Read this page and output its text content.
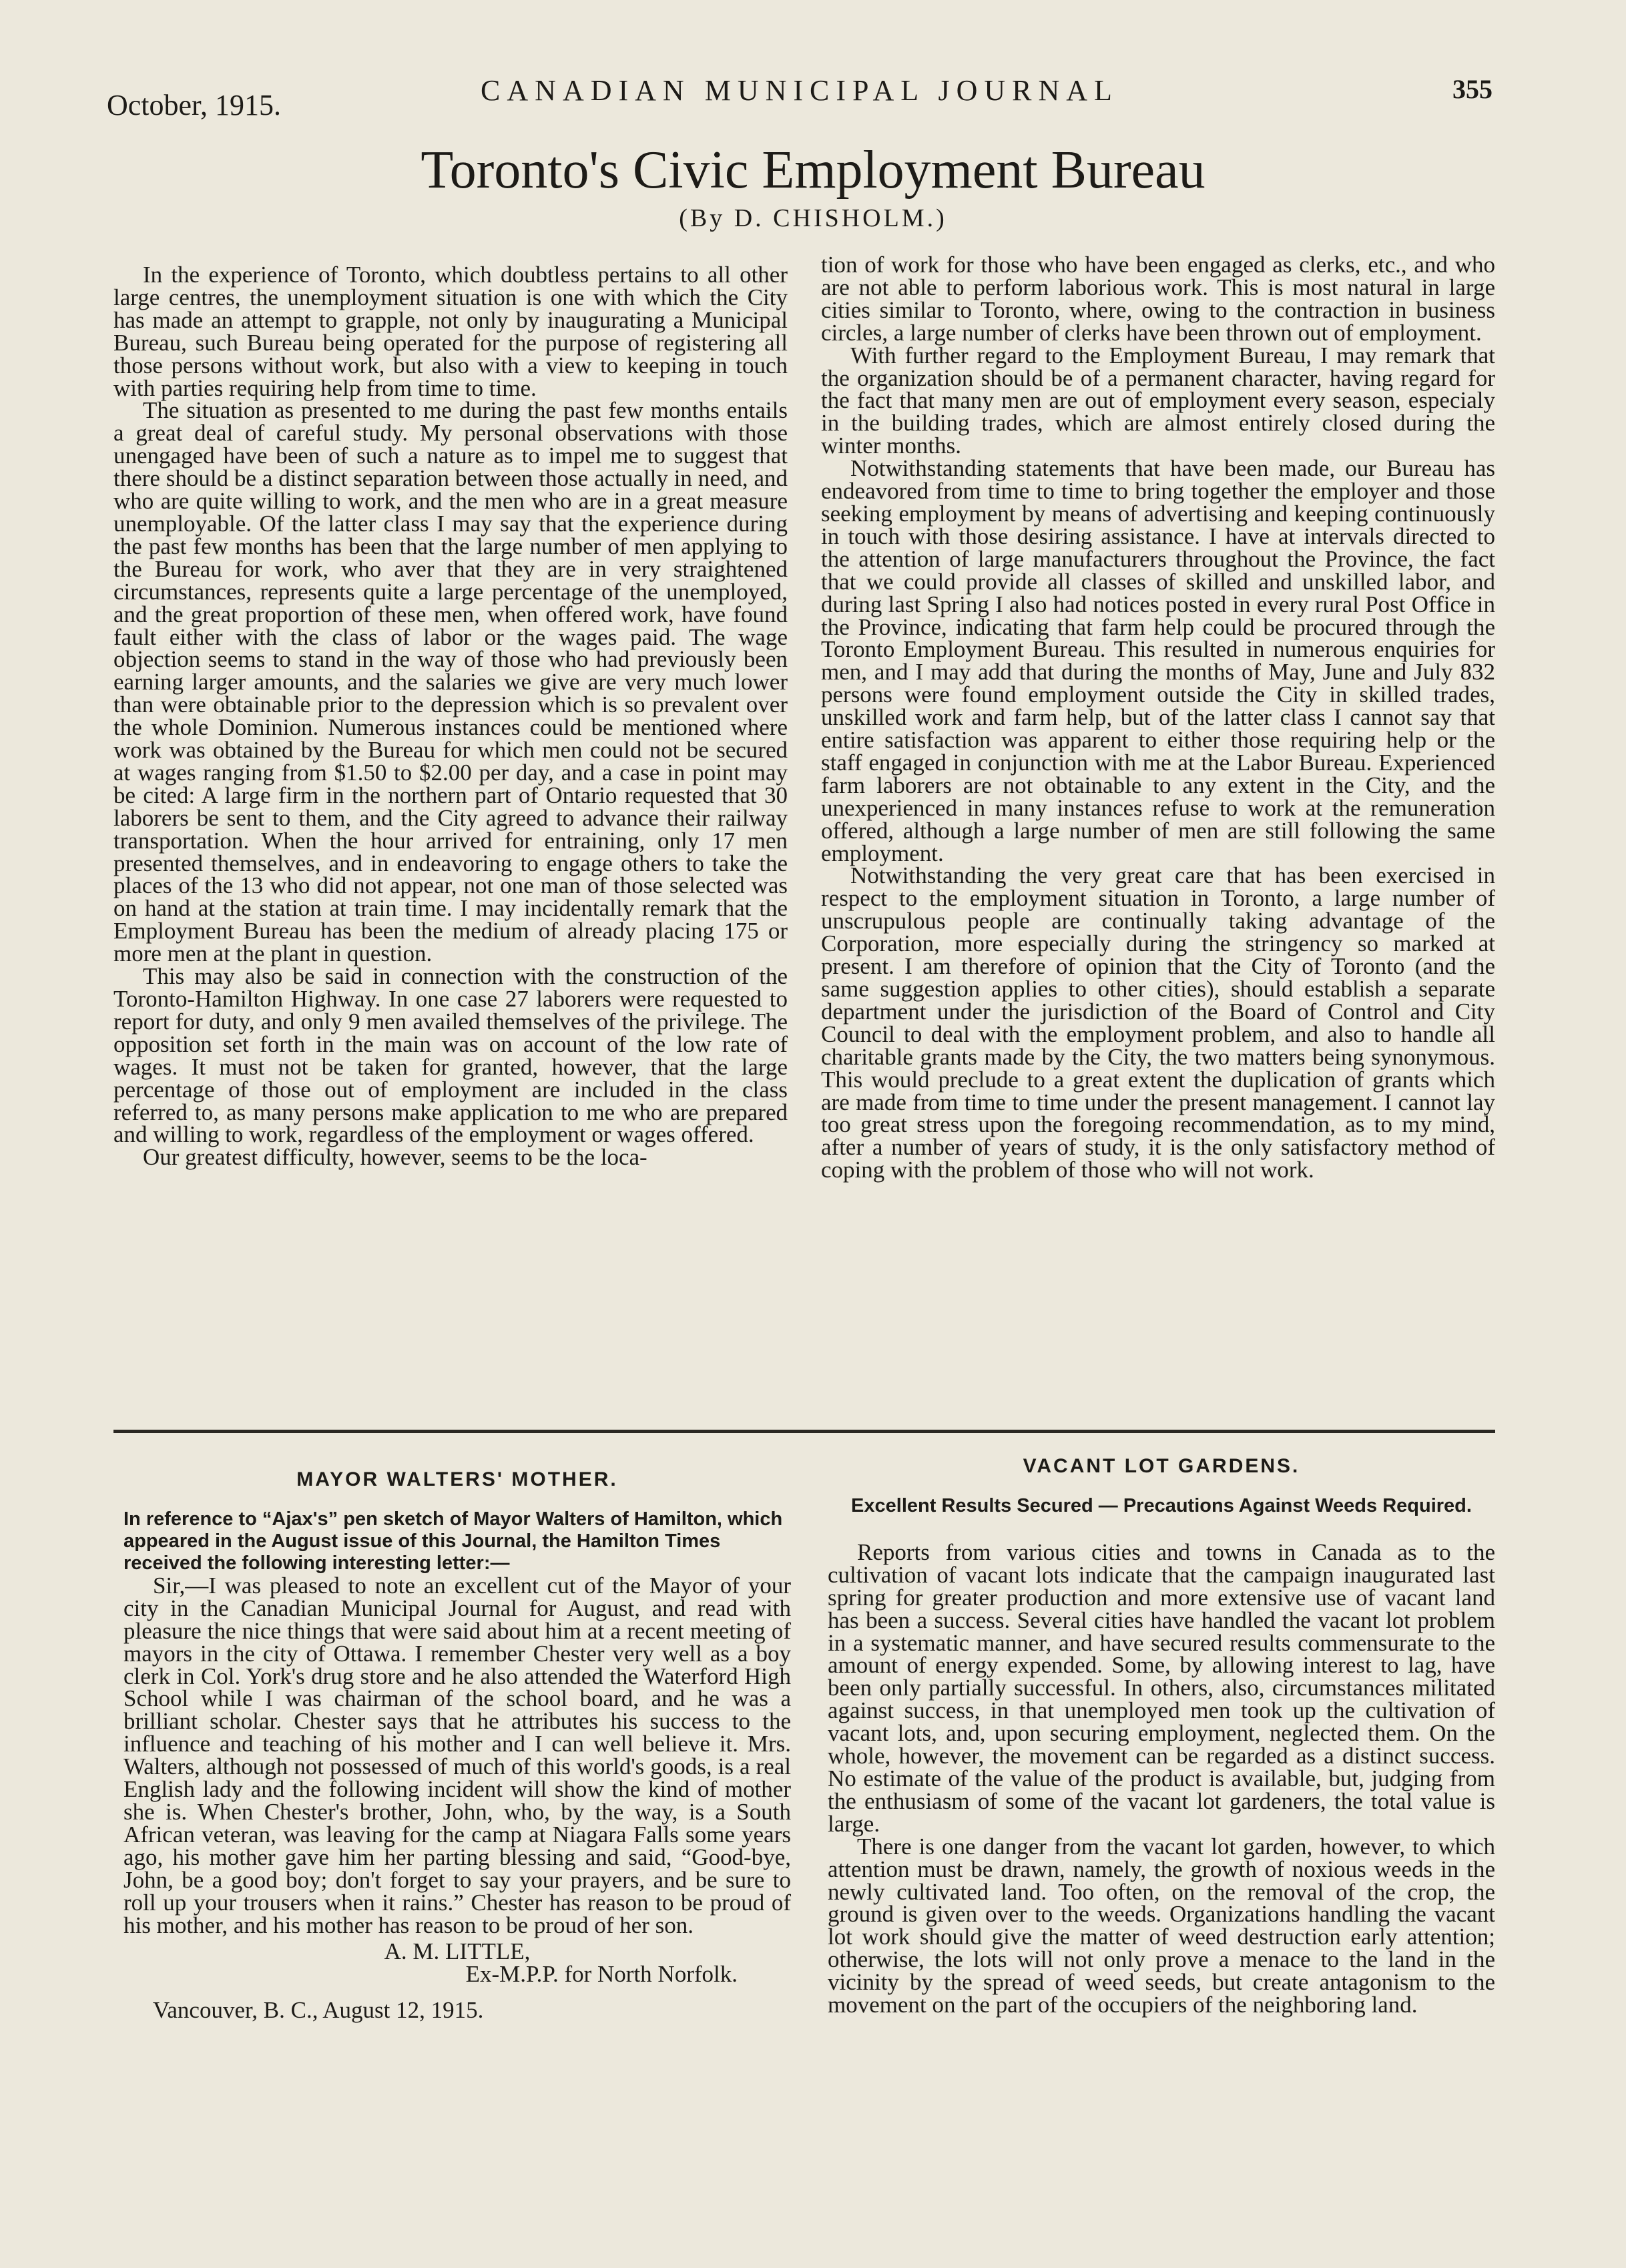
October, 1915.	CANADIAN MUNICIPAL JOURNAL	355
Toronto's Civic Employment Bureau
(By D. CHISHOLM.)

In the experience of Toronto, which doubtless pertains to all other large centres, the unemployment situation is one with which the City has made an attempt to grapple, not only by inaugurating a Municipal Bureau, such Bureau being operated for the purpose of registering all those persons without work, but also with a view to keeping in touch with parties requiring help from time to time.

The situation as presented to me during the past few months entails a great deal of careful study. My personal observations with those unengaged have been of such a nature as to impel me to suggest that there should be a distinct separation between those actually in need, and who are quite willing to work, and the men who are in a great measure unemployable. Of the latter class I may say that the experience during the past few months has been that the large number of men applying to the Bureau for work, who aver that they are in very straightened circumstances, represents quite a large percentage of the unemployed, and the great proportion of these men, when offered work, have found fault either with the class of labor or the wages paid. The wage objection seems to stand in the way of those who had previously been earning larger amounts, and the salaries we give are very much lower than were obtainable prior to the depression which is so prevalent over the whole Dominion. Numerous instances could be mentioned where work was obtained by the Bureau for which men could not be secured at wages ranging from $1.50 to $2.00 per day, and a case in point may be cited: A large firm in the northern part of Ontario requested that 30 laborers be sent to them, and the City agreed to advance their railway transportation. When the hour arrived for entraining, only 17 men presented themselves, and in endeavoring to engage others to take the places of the 13 who did not appear, not one man of those selected was on hand at the station at train time. I may incidentally remark that the Employment Bureau has been the medium of already placing 175 or more men at the plant in question.

This may also be said in connection with the construction of the Toronto-Hamilton Highway. In one case 27 laborers were requested to report for duty, and only 9 men availed themselves of the privilege. The opposition set forth in the main was on account of the low rate of wages. It must not be taken for granted, however, that the large percentage of those out of employment are included in the class referred to, as many persons make application to me who are prepared and willing to work, regardless of the employment or wages offered.

Our greatest difficulty, however, seems to be the loca-

tion of work for those who have been engaged as clerks, etc., and who are not able to perform laborious work. This is most natural in large cities similar to Toronto, where, owing to the contraction in business circles, a large number of clerks have been thrown out of employment.

With further regard to the Employment Bureau, I may remark that the organization should be of a permanent character, having regard for the fact that many men are out of employment every season, especialy in the building trades, which are almost entirely closed during the winter months.

Notwithstanding statements that have been made, our Bureau has endeavored from time to time to bring together the employer and those seeking employment by means of advertising and keeping continuously in touch with those desiring assistance. I have at intervals directed to the attention of large manufacturers throughout the Province, the fact that we could provide all classes of skilled and unskilled labor, and during last Spring I also had notices posted in every rural Post Office in the Province, indicating that farm help could be procured through the Toronto Employment Bureau. This resulted in numerous enquiries for men, and I may add that during the months of May, June and July 832 persons were found employment outside the City in skilled trades, unskilled work and farm help, but of the latter class I cannot say that entire satisfaction was apparent to either those requiring help or the staff engaged in conjunction with me at the Labor Bureau. Experienced farm laborers are not obtainable to any extent in the City, and the unexperienced in many instances refuse to work at the remuneration offered, although a large number of men are still following the same employment.

Notwithstanding the very great care that has been exercised in respect to the employment situation in Toronto, a large number of unscrupulous people are continually taking advantage of the Corporation, more especially during the stringency so marked at present. I am therefore of opinion that the City of Toronto (and the same suggestion applies to other cities), should establish a separate department under the jurisdiction of the Board of Control and City Council to deal with the employment problem, and also to handle all charitable grants made by the City, the two matters being synonymous. This would preclude to a great extent the duplication of grants which are made from time to time under the present management. I cannot lay too great stress upon the foregoing recommendation, as to my mind, after a number of years of study, it is the only satisfactory method of coping with the problem of those who will not work.

MAYOR WALTERS' MOTHER.

In reference to “Ajax's” pen sketch of Mayor Walters of Hamilton, which appeared in the August issue of this Journal, the Hamilton Times received the following interesting letter:—

Sir,—I was pleased to note an excellent cut of the Mayor of your city in the Canadian Municipal Journal for August, and read with pleasure the nice things that were said about him at a recent meeting of mayors in the city of Ottawa. I remember Chester very well as a boy clerk in Col. York's drug store and he also attended the Waterford High School while I was chairman of the school board, and he was a brilliant scholar. Chester says that he attributes his success to the influence and teaching of his mother and I can well believe it. Mrs. Walters, although not possessed of much of this world's goods, is a real English lady and the following incident will show the kind of mother she is. When Chester's brother, John, who, by the way, is a South African veteran, was leaving for the camp at Niagara Falls some years ago, his mother gave him her parting blessing and said, “Good-bye, John, be a good boy; don't forget to say your prayers, and be sure to roll up your trousers when it rains.” Chester has reason to be proud of his mother, and his mother has reason to be proud of her son.

A. M. LITTLE,

Ex-M.P.P. for North Norfolk.

Vancouver, B. C., August 12, 1915.

VACANT LOT GARDENS.
Excellent Results Secured — Precautions Against Weeds Required.

Reports from various cities and towns in Canada as to the cultivation of vacant lots indicate that the campaign inaugurated last spring for greater production and more extensive use of vacant land has been a success. Several cities have handled the vacant lot problem in a systematic manner, and have secured results commensurate to the amount of energy expended. Some, by allowing interest to lag, have been only partially successful. In others, also, circumstances militated against success, in that unemployed men took up the cultivation of vacant lots, and, upon securing employment, neglected them. On the whole, however, the movement can be regarded as a distinct success. No estimate of the value of the product is available, but, judging from the enthusiasm of some of the vacant lot gardeners, the total value is large.

There is one danger from the vacant lot garden, however, to which attention must be drawn, namely, the growth of noxious weeds in the newly cultivated land. Too often, on the removal of the crop, the ground is given over to the weeds. Organizations handling the vacant lot work should give the matter of weed destruction early attention; otherwise, the lots will not only prove a menace to the land in the vicinity by the spread of weed seeds, but create antagonism to the movement on the part of the occupiers of the neighboring land.
